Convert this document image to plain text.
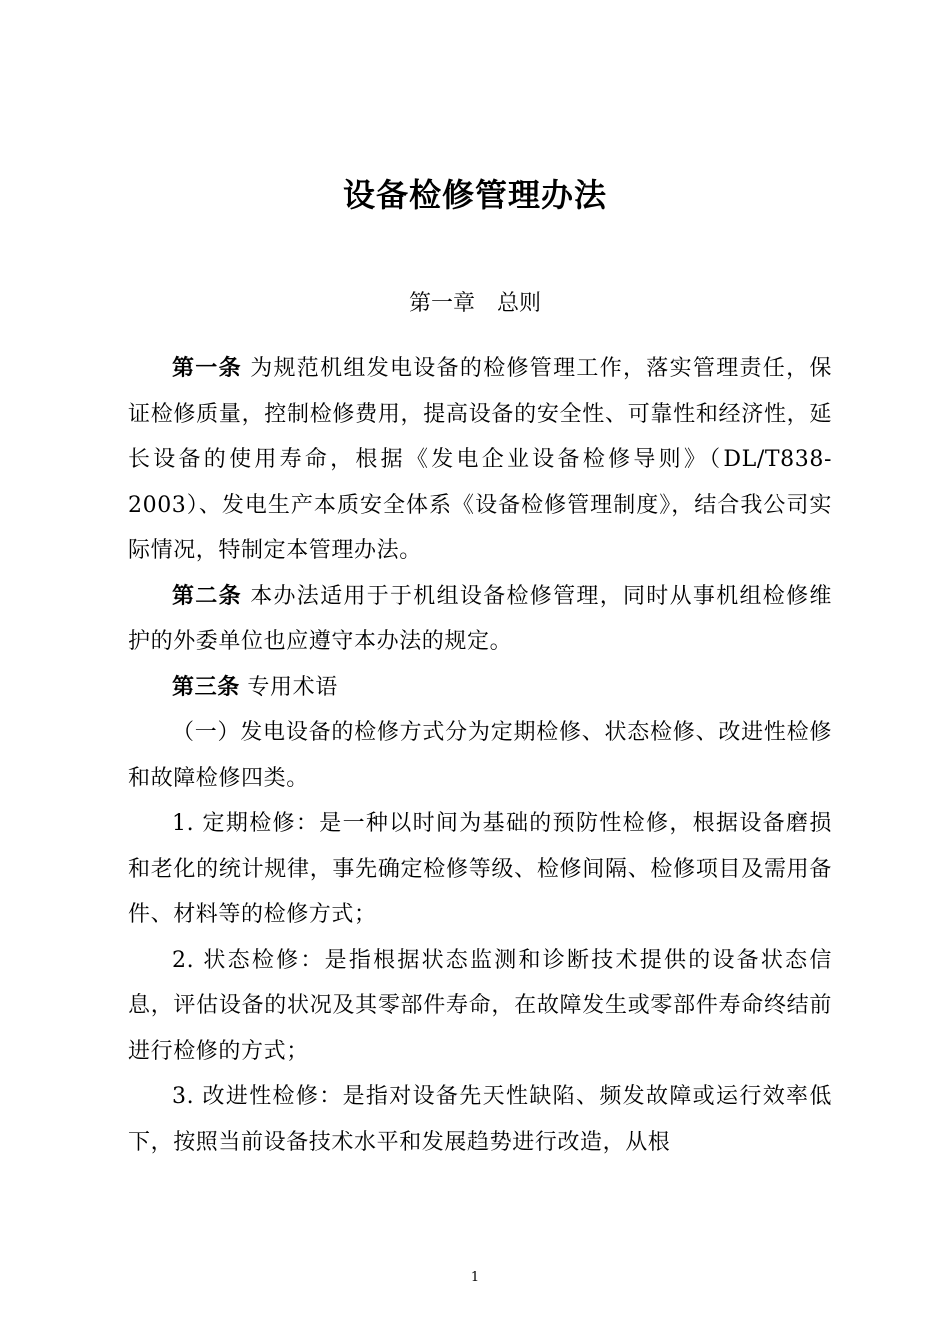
设备检修管理办法
第一章　总则

第一条 为规范机组发电设备的检修管理工作，落实管理责任，保证检修质量，控制检修费用，提高设备的安全性、可靠性和经济性，延长设备的使用寿命，根据《发电企业设备检修导则》（DL/T838-2003）、发电生产本质安全体系《设备检修管理制度》，结合我公司实际情况，特制定本管理办法。

第二条 本办法适用于于机组设备检修管理，同时从事机组检修维护的外委单位也应遵守本办法的规定。

第三条 专用术语

（一）发电设备的检修方式分为定期检修、状态检修、改进性检修和故障检修四类。

1. 定期检修：是一种以时间为基础的预防性检修，根据设备磨损和老化的统计规律，事先确定检修等级、检修间隔、检修项目及需用备件、材料等的检修方式；

2. 状态检修：是指根据状态监测和诊断技术提供的设备状态信息，评估设备的状况及其零部件寿命，在故障发生或零部件寿命终结前进行检修的方式；

3. 改进性检修：是指对设备先天性缺陷、频发故障或运行效率低下，按照当前设备技术水平和发展趋势进行改造，从根

1
